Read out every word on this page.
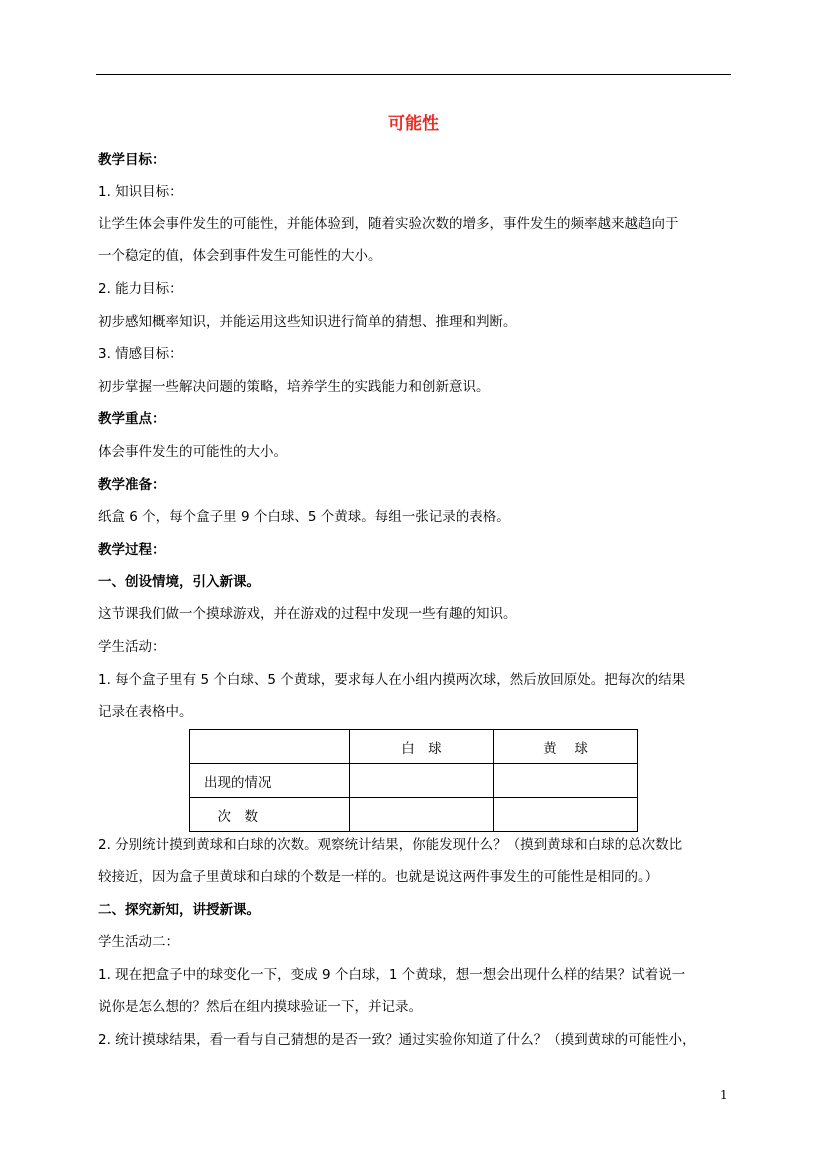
可能性
教学目标：
1. 知识目标：
让学生体会事件发生的可能性，并能体验到，随着实验次数的增多，事件发生的频率越来越趋向于
一个稳定的值，体会到事件发生可能性的大小。
2. 能力目标：
初步感知概率知识，并能运用这些知识进行简单的猜想、推理和判断。
3. 情感目标：
初步掌握一些解决问题的策略，培养学生的实践能力和创新意识。
教学重点：
体会事件发生的可能性的大小。
教学准备：
纸盒 6 个，每个盒子里 9 个白球、5 个黄球。每组一张记录的表格。
教学过程：
一、创设情境，引入新课。
这节课我们做一个摸球游戏，并在游戏的过程中发现一些有趣的知识。
学生活动：
1. 每个盒子里有 5 个白球、5 个黄球，要求每人在小组内摸两次球，然后放回原处。把每次的结果
记录在表格中。
	白　球	黄　 球
出现的情况		
　次　数		
2. 分别统计摸到黄球和白球的次数。观察统计结果，你能发现什么？（摸到黄球和白球的总次数比
较接近，因为盒子里黄球和白球的个数是一样的。也就是说这两件事发生的可能性是相同的。）
二、探究新知，讲授新课。
学生活动二：
1. 现在把盒子中的球变化一下，变成 9 个白球，1 个黄球，想一想会出现什么样的结果？试着说一
说你是怎么想的？然后在组内摸球验证一下，并记录。
2. 统计摸球结果，看一看与自己猜想的是否一致？通过实验你知道了什么？（摸到黄球的可能性小，
1
